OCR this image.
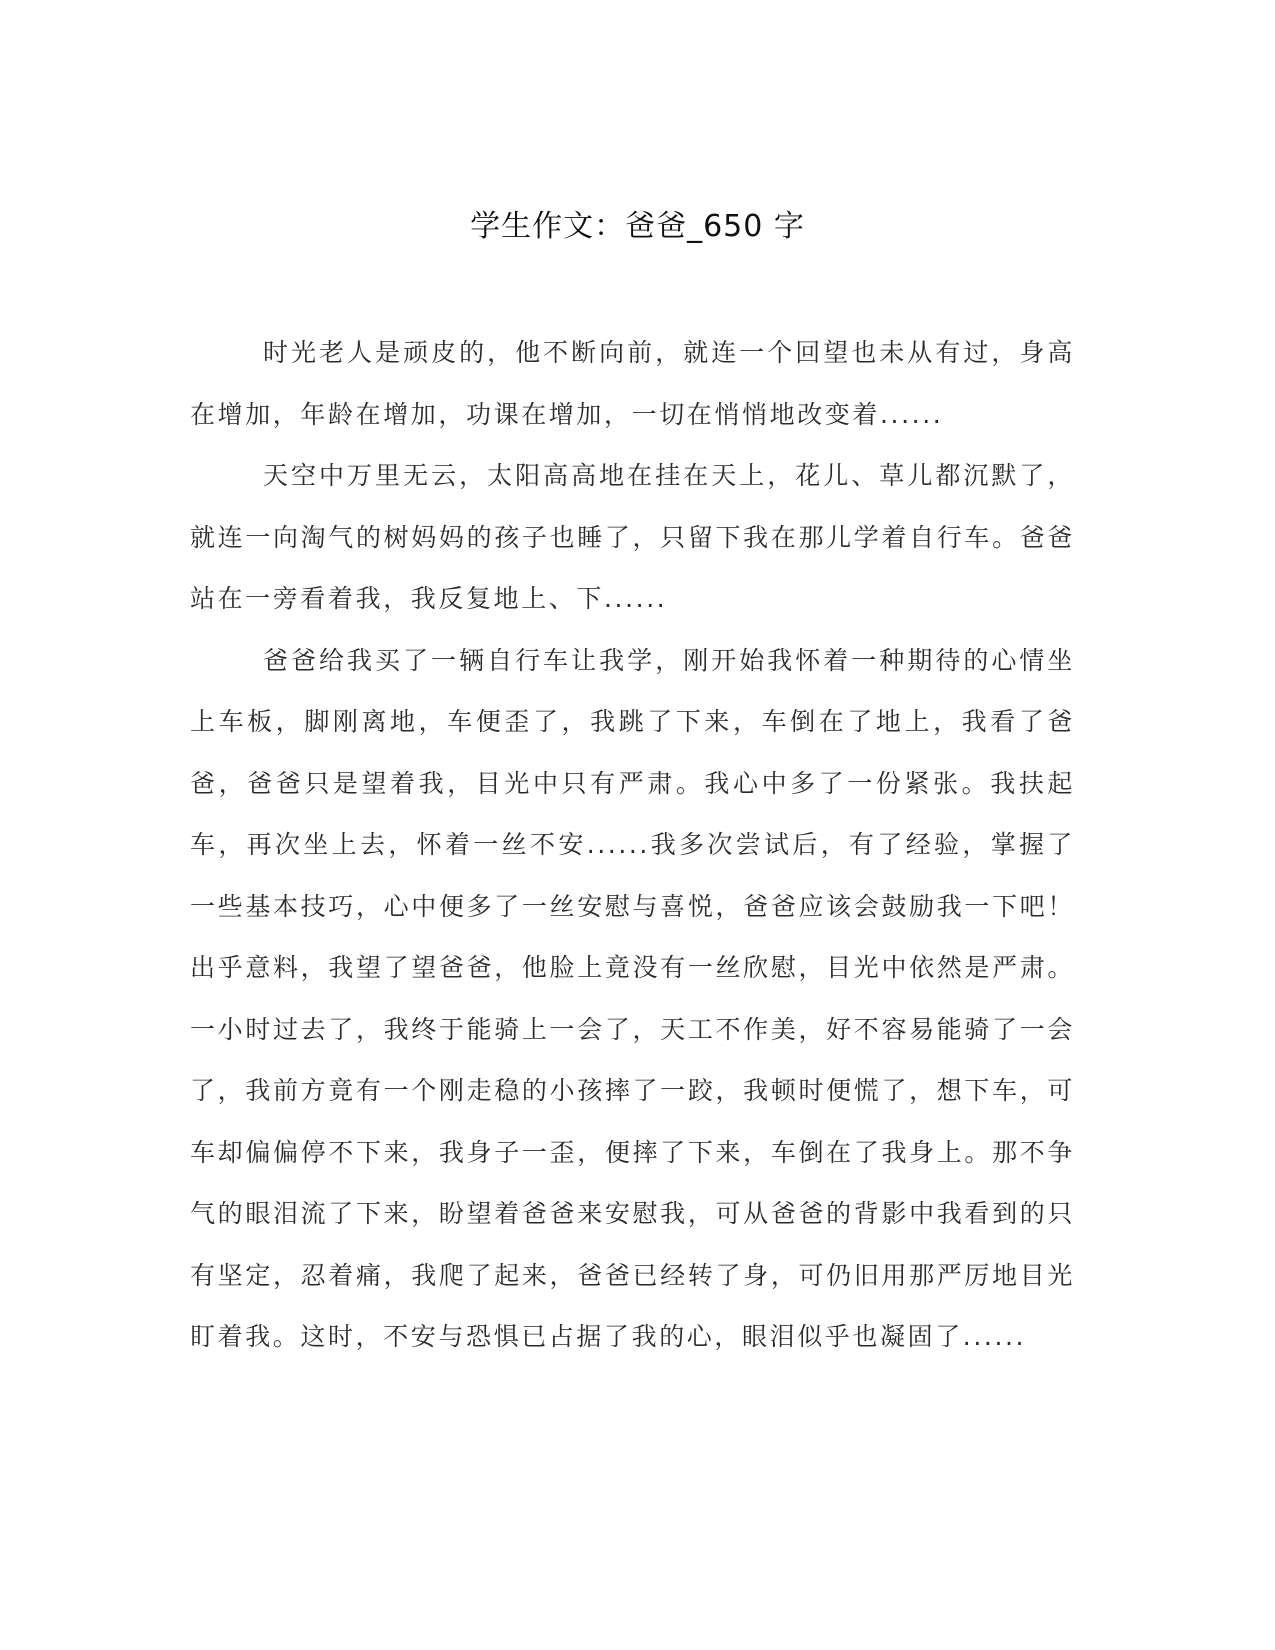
学生作文：爸爸_650 字

时光老人是顽皮的，他不断向前，就连一个回望也未从有过，身高在增加，年龄在增加，功课在增加，一切在悄悄地改变着......

天空中万里无云，太阳高高地在挂在天上，花儿、草儿都沉默了，就连一向淘气的树妈妈的孩子也睡了，只留下我在那儿学着自行车。爸爸站在一旁看着我，我反复地上、下......

爸爸给我买了一辆自行车让我学，刚开始我怀着一种期待的心情坐上车板，脚刚离地，车便歪了，我跳了下来，车倒在了地上，我看了爸爸，爸爸只是望着我，目光中只有严肃。我心中多了一份紧张。我扶起车，再次坐上去，怀着一丝不安......我多次尝试后，有了经验，掌握了一些基本技巧，心中便多了一丝安慰与喜悦，爸爸应该会鼓励我一下吧！出乎意料，我望了望爸爸，他脸上竟没有一丝欣慰，目光中依然是严肃。一小时过去了，我终于能骑上一会了，天工不作美，好不容易能骑了一会了，我前方竟有一个刚走稳的小孩摔了一跤，我顿时便慌了，想下车，可车却偏偏停不下来，我身子一歪，便摔了下来，车倒在了我身上。那不争气的眼泪流了下来，盼望着爸爸来安慰我，可从爸爸的背影中我看到的只有坚定，忍着痛，我爬了起来，爸爸已经转了身，可仍旧用那严厉地目光盯着我。这时，不安与恐惧已占据了我的心，眼泪似乎也凝固了......
